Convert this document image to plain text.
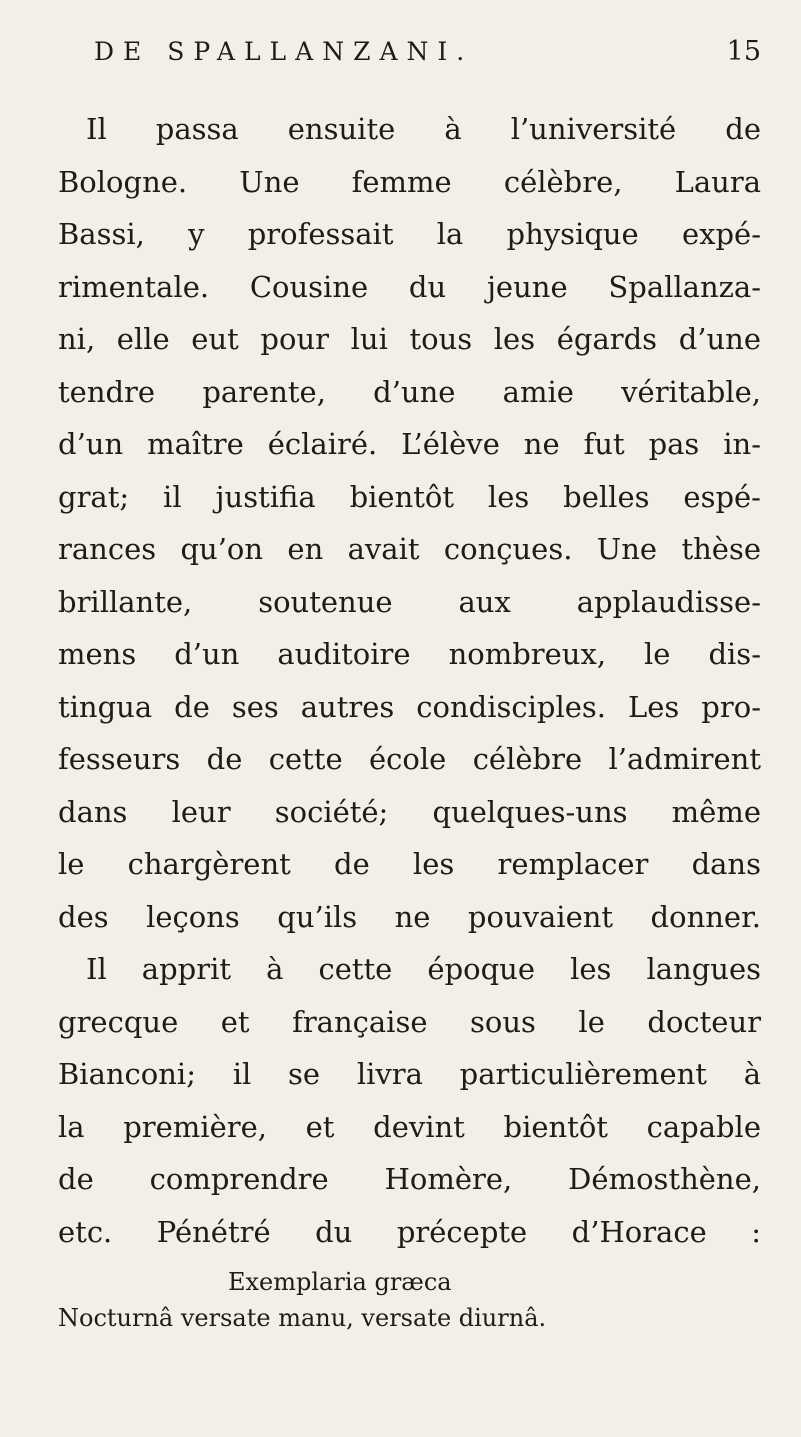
DE SPALLANZANI.	15
Il passa ensuite à l’université de
Bologne. Une femme célèbre, Laura
Bassi, y professait la physique expé-
rimentale. Cousine du jeune Spallanza-
ni, elle eut pour lui tous les égards d’une
tendre parente, d’une amie véritable,
d’un maître éclairé. L’élève ne fut pas in-
grat; il justifia bientôt les belles espé-
rances qu’on en avait conçues. Une thèse
brillante, soutenue aux applaudisse-
mens d’un auditoire nombreux, le dis-
tingua de ses autres condisciples. Les pro-
fesseurs de cette école célèbre l’admirent
dans leur société; quelques-uns même
le chargèrent de les remplacer dans
des leçons qu’ils ne pouvaient donner.
Il apprit à cette époque les langues
grecque et française sous le docteur
Bianconi; il se livra particulièrement à
la première, et devint bientôt capable
de comprendre Homère, Démosthène,
etc. Pénétré du précepte d’Horace :
Exemplaria græca
Nocturnâ versate manu, versate diurnâ.
